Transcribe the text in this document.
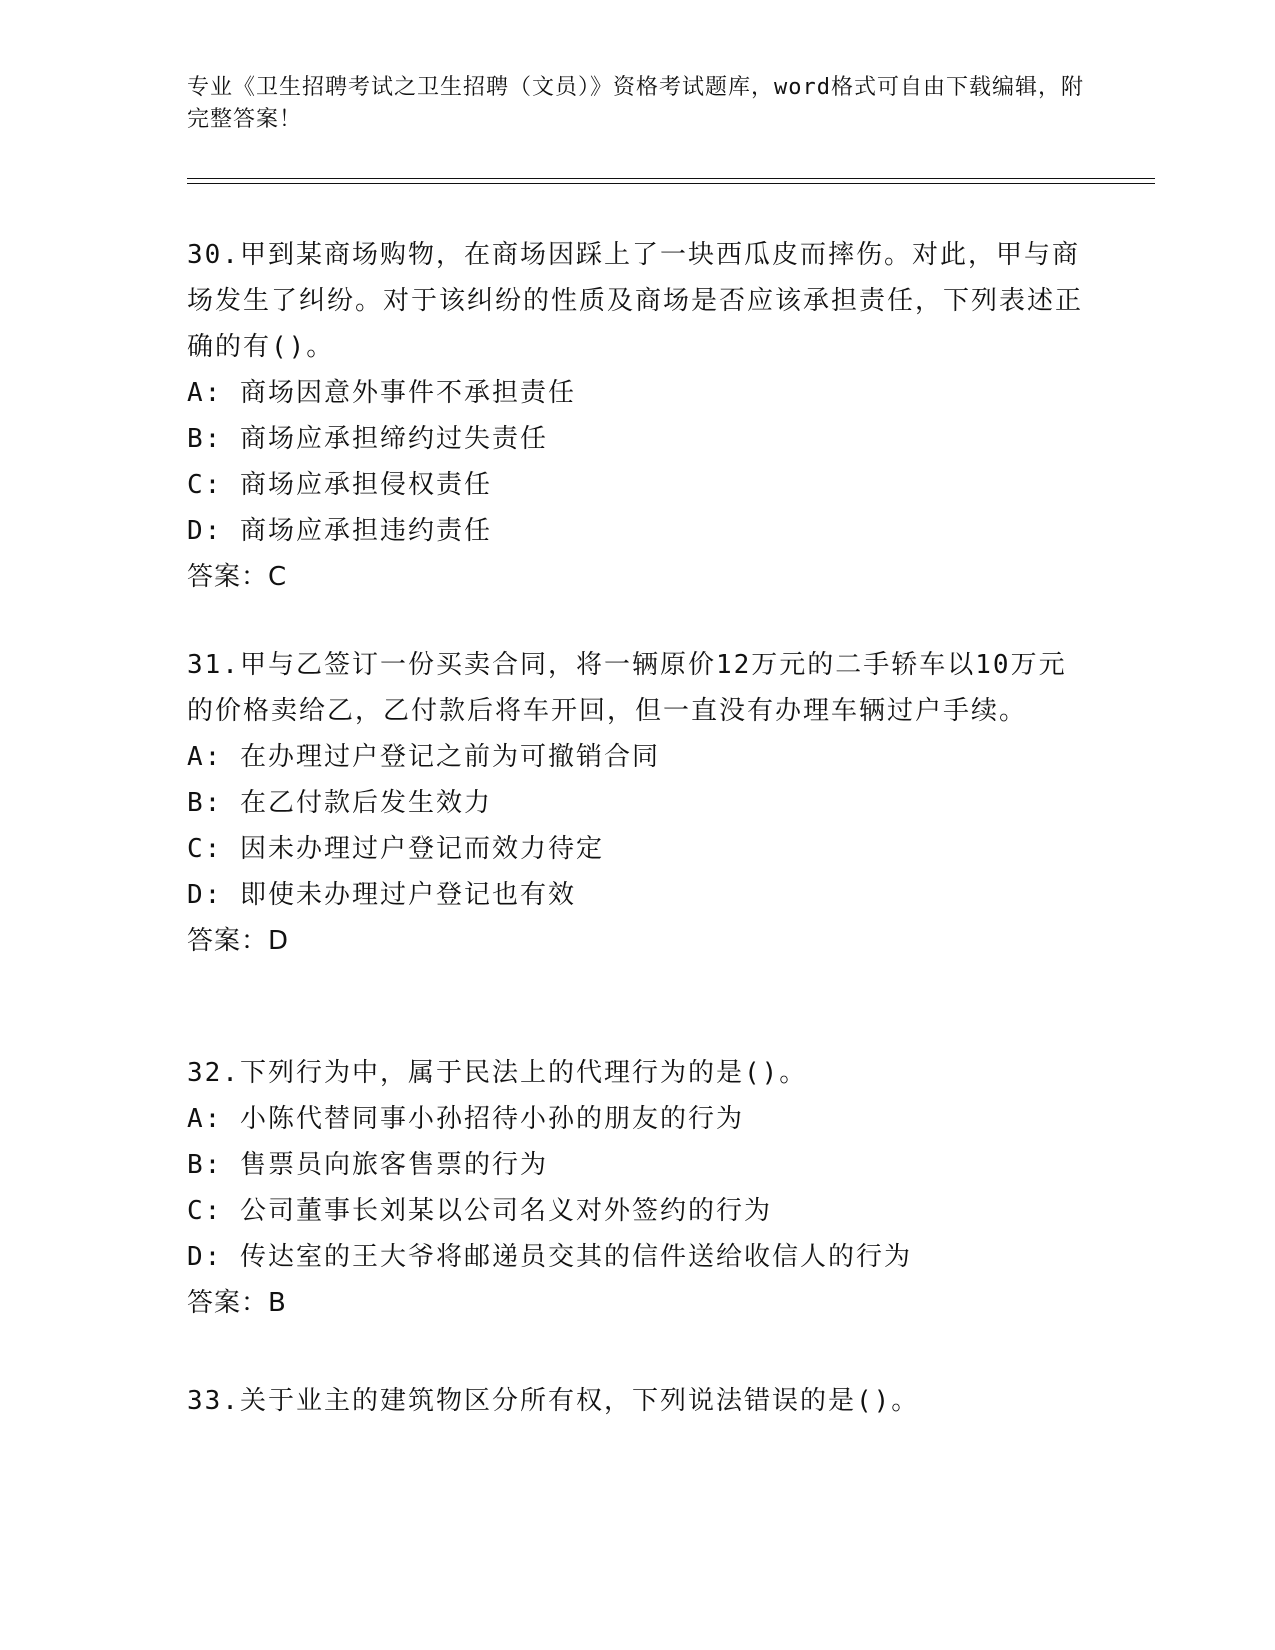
专业《卫生招聘考试之卫生招聘（文员）》资格考试题库，word格式可自由下载编辑，附完整答案！

30.甲到某商场购物，在商场因踩上了一块西瓜皮而摔伤。对此，甲与商场发生了纠纷。对于该纠纷的性质及商场是否应该承担责任，下列表述正确的有()。

A: 商场因意外事件不承担责任

B: 商场应承担缔约过失责任

C: 商场应承担侵权责任

D: 商场应承担违约责任

答案：C

31.甲与乙签订一份买卖合同，将一辆原价12万元的二手轿车以10万元的价格卖给乙，乙付款后将车开回，但一直没有办理车辆过户手续。

A: 在办理过户登记之前为可撤销合同

B: 在乙付款后发生效力

C: 因未办理过户登记而效力待定

D: 即使未办理过户登记也有效

答案：D

32.下列行为中，属于民法上的代理行为的是()。

A: 小陈代替同事小孙招待小孙的朋友的行为

B: 售票员向旅客售票的行为

C: 公司董事长刘某以公司名义对外签约的行为

D: 传达室的王大爷将邮递员交其的信件送给收信人的行为

答案：B

33.关于业主的建筑物区分所有权，下列说法错误的是()。
